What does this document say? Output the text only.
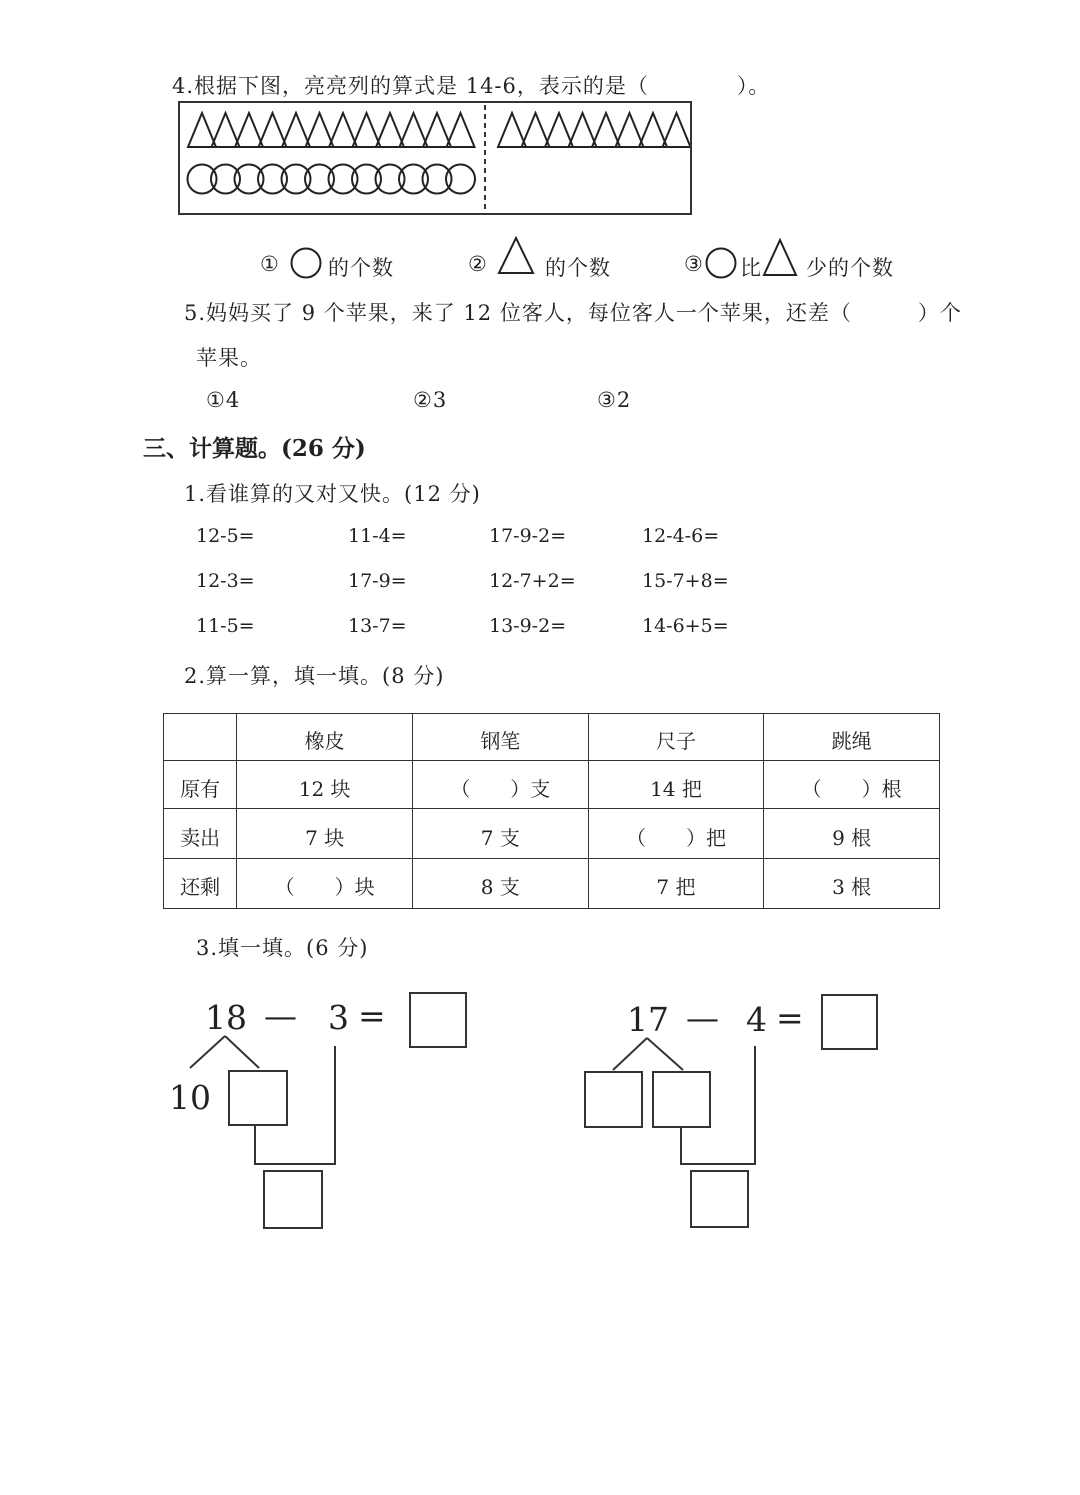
4.根据下图，亮亮列的算式是 14-6，表示的是（　　　　）。
① 的个数	②	的个数	③ 比 少的个数
5.妈妈买了 9 个苹果，来了 12 位客人，每位客人一个苹果，还差（　　　）个
苹果。
①4	②3	③2
三、计算题。(26 分)
1.看谁算的又对又快。(12 分)
12-5=	11-4=	17-9-2=	12-4-6=
12-3=	17-9=	12-7+2=	15-7+8=
11-5=	13-7=	13-9-2=	14-6+5=
2.算一算，填一填。(8 分)
	橡皮	钢笔	尺子	跳绳
原有	12 块	（　　）支	14 把	（　　）根
卖出	7 块	7 支	（　　）把	9 根
还剩	（　　）块	8 支	7 把	3 根
3.填一填。(6 分)
18 — 3 =
10
17 — 4 =
